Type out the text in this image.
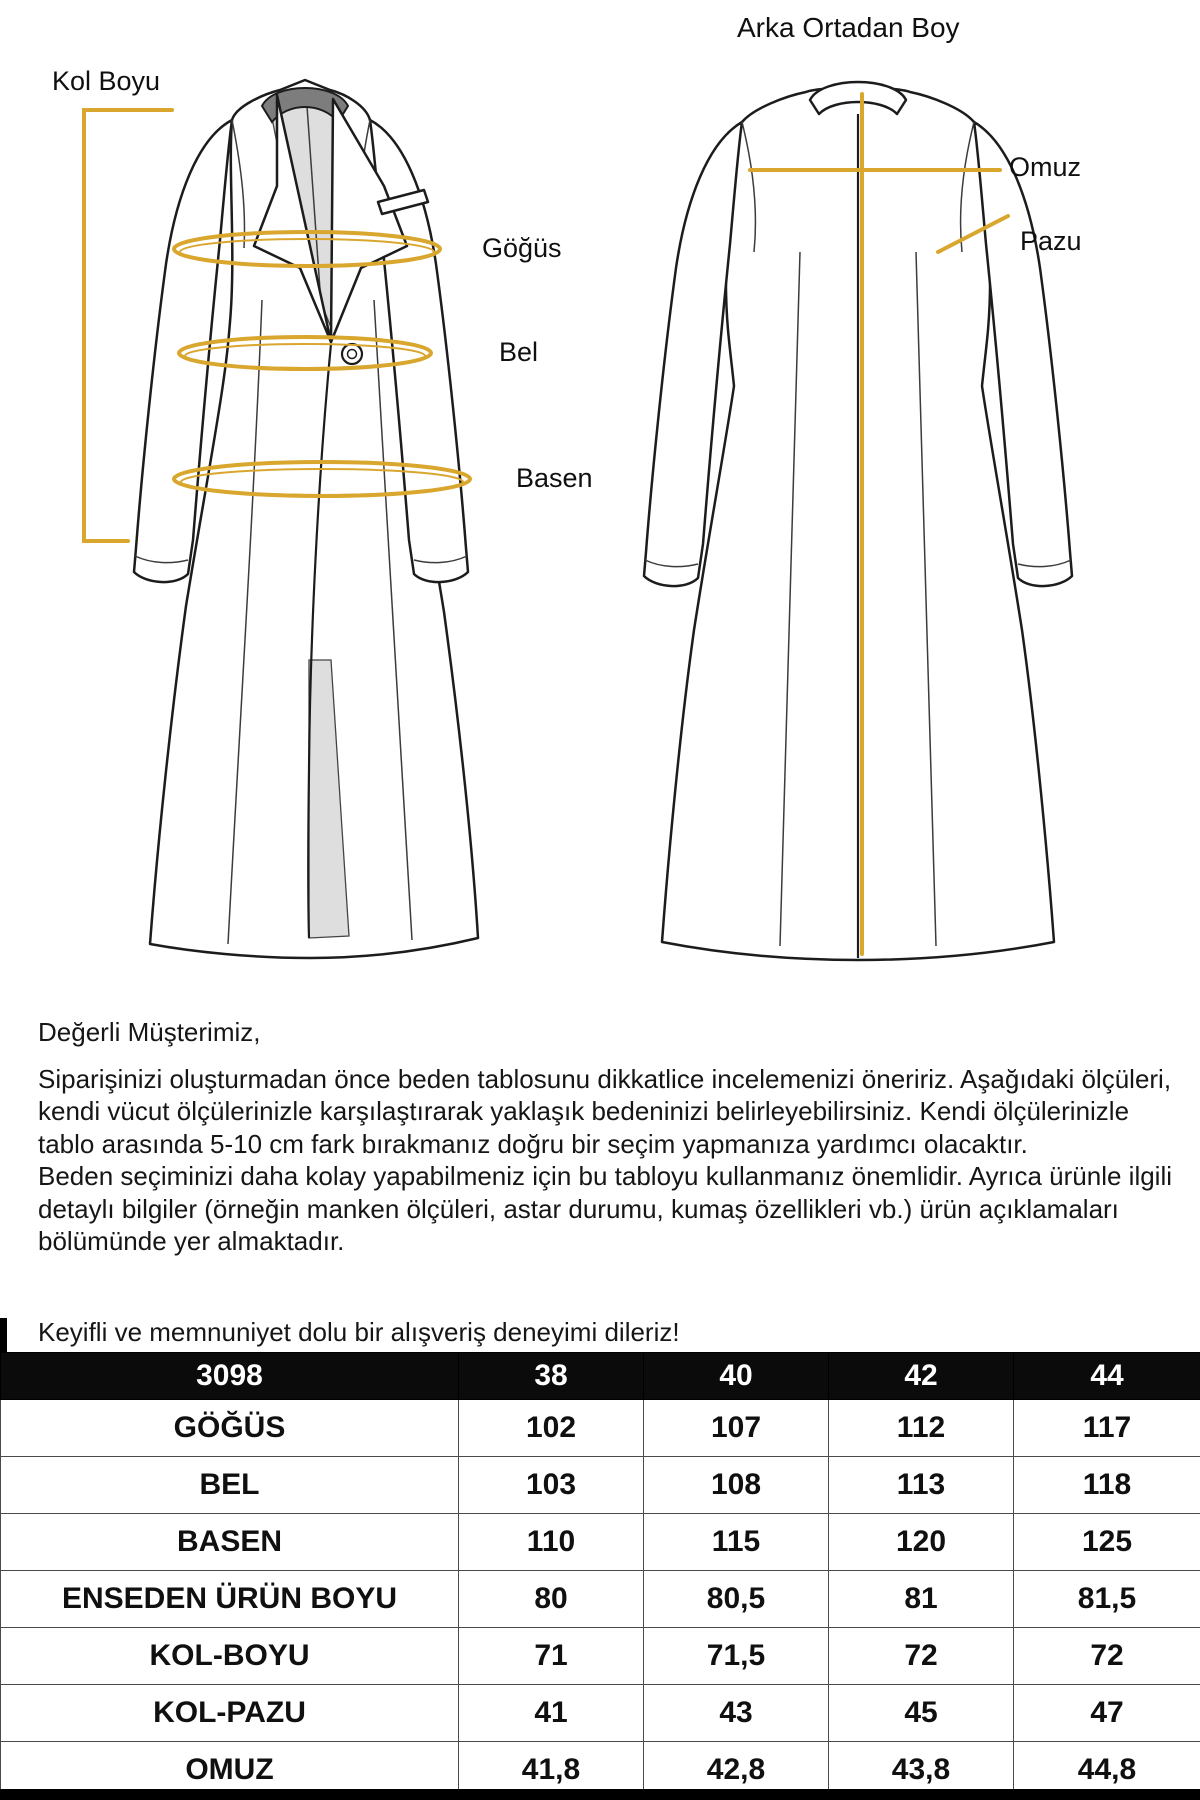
Kol Boyu
Göğüs
Bel
Basen
Arka Ortadan Boy
Omuz
Pazu

Değerli Müşterimiz,

Siparişinizi oluşturmadan önce beden tablosunu dikkatlice incelemenizi öneririz. Aşağıdaki ölçüleri, kendi vücut ölçülerinizle karşılaştırarak yaklaşık bedeninizi belirleyebilirsiniz. Kendi ölçülerinizle tablo arasında 5-10 cm fark bırakmanız doğru bir seçim yapmanıza yardımcı olacaktır.

Beden seçiminizi daha kolay yapabilmeniz için bu tabloyu kullanmanız önemlidir. Ayrıca ürünle ilgili detaylı bilgiler (örneğin manken ölçüleri, astar durumu, kumaş özellikleri vb.) ürün açıklamaları bölümünde yer almaktadır.

Keyifli ve memnuniyet dolu bir alışveriş deneyimi dileriz!
3098	38	40	42	44
GÖĞÜS	102	107	112	117
BEL	103	108	113	118
BASEN	110	115	120	125
ENSEDEN ÜRÜN BOYU	80	80,5	81	81,5
KOL-BOYU	71	71,5	72	72
KOL-PAZU	41	43	45	47
OMUZ	41,8	42,8	43,8	44,8
